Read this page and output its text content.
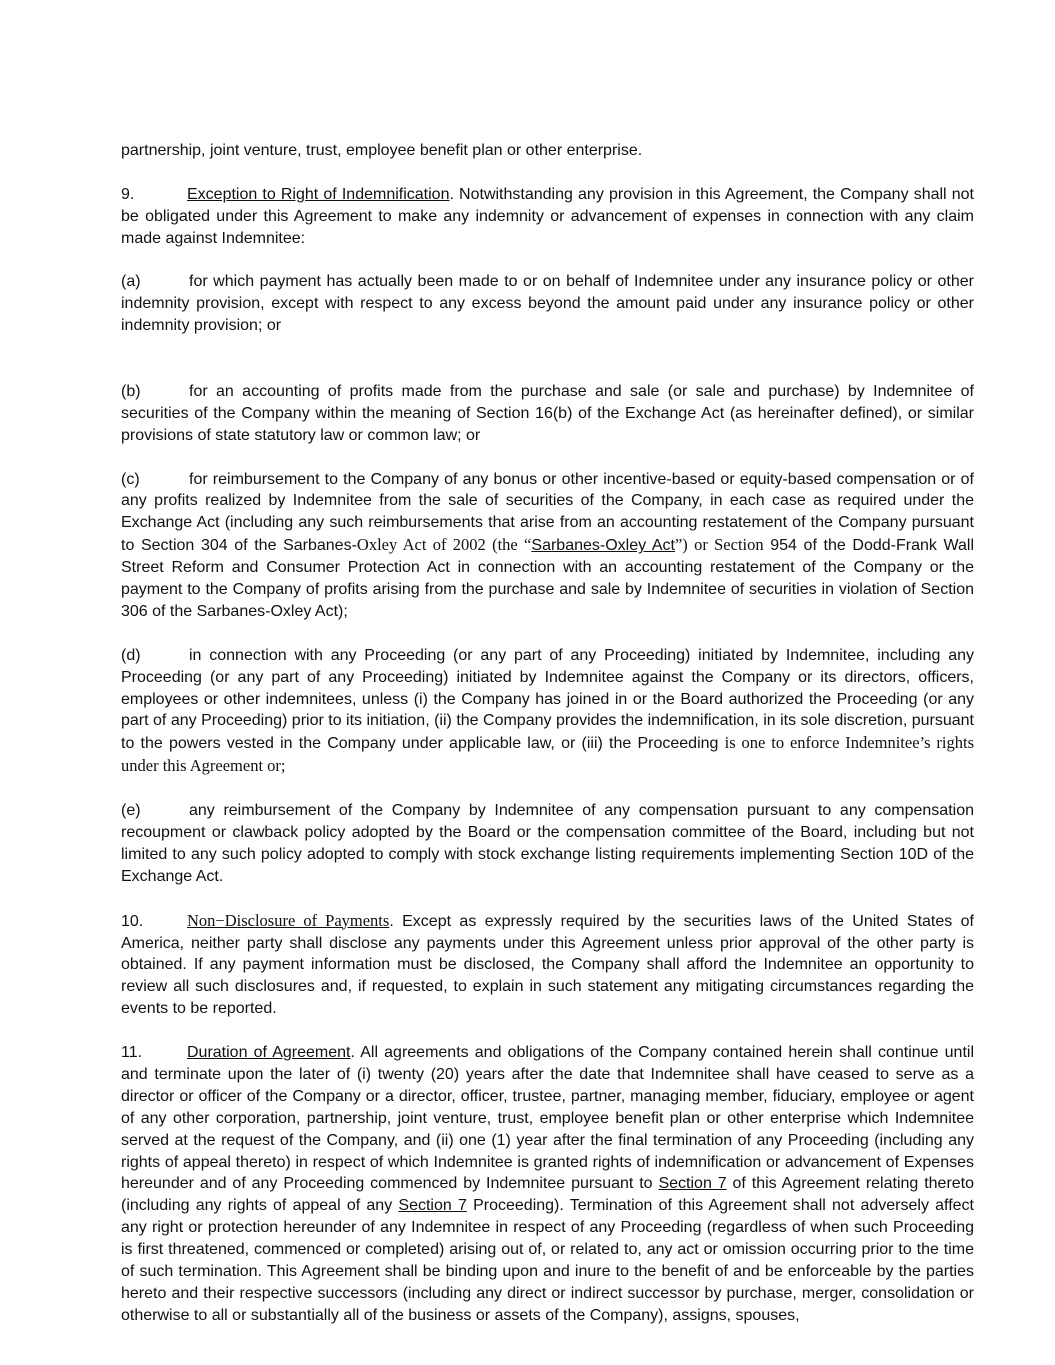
partnership, joint venture, trust, employee benefit plan or other enterprise.

9.	Exception to Right of Indemnification. Notwithstanding any provision in this Agreement, the Company shall not be obligated under this Agreement to make any indemnity or advancement of expenses in connection with any claim made against Indemnitee:

(a)	for which payment has actually been made to or on behalf of Indemnitee under any insurance policy or other indemnity provision, except with respect to any excess beyond the amount paid under any insurance policy or other indemnity provision; or

(b)	for an accounting of profits made from the purchase and sale (or sale and purchase) by Indemnitee of securities of the Company within the meaning of Section 16(b) of the Exchange Act (as hereinafter defined), or similar provisions of state statutory law or common law; or

(c)	for reimbursement to the Company of any bonus or other incentive-based or equity-based compensation or of any profits realized by Indemnitee from the sale of securities of the Company, in each case as required under the Exchange Act (including any such reimbursements that arise from an accounting restatement of the Company pursuant to Section 304 of the Sarbanes-Oxley Act of 2002 (the “Sarbanes-Oxley Act”) or Section 954 of the Dodd-Frank Wall Street Reform and Consumer Protection Act in connection with an accounting restatement of the Company or the payment to the Company of profits arising from the purchase and sale by Indemnitee of securities in violation of Section 306 of the Sarbanes-Oxley Act);

(d)	in connection with any Proceeding (or any part of any Proceeding) initiated by Indemnitee, including any Proceeding (or any part of any Proceeding) initiated by Indemnitee against the Company or its directors, officers, employees or other indemnitees, unless (i) the Company has joined in or the Board authorized the Proceeding (or any part of any Proceeding) prior to its initiation, (ii) the Company provides the indemnification, in its sole discretion, pursuant to the powers vested in the Company under applicable law, or (iii) the Proceeding is one to enforce Indemnitee’s rights under this Agreement or;

(e)	any reimbursement of the Company by Indemnitee of any compensation pursuant to any compensation recoupment or clawback policy adopted by the Board or the compensation committee of the Board, including but not limited to any such policy adopted to comply with stock exchange listing requirements implementing Section 10D of the Exchange Act.

10.	Non−Disclosure of Payments. Except as expressly required by the securities laws of the United States of America, neither party shall disclose any payments under this Agreement unless prior approval of the other party is obtained. If any payment information must be disclosed, the Company shall afford the Indemnitee an opportunity to review all such disclosures and, if requested, to explain in such statement any mitigating circumstances regarding the events to be reported.

11.	Duration of Agreement. All agreements and obligations of the Company contained herein shall continue until and terminate upon the later of (i) twenty (20) years after the date that Indemnitee shall have ceased to serve as a director or officer of the Company or a director, officer, trustee, partner, managing member, fiduciary, employee or agent of any other corporation, partnership, joint venture, trust, employee benefit plan or other enterprise which Indemnitee served at the request of the Company, and (ii) one (1) year after the final termination of any Proceeding (including any rights of appeal thereto) in respect of which Indemnitee is granted rights of indemnification or advancement of Expenses hereunder and of any Proceeding commenced by Indemnitee pursuant to Section 7 of this Agreement relating thereto (including any rights of appeal of any Section 7 Proceeding). Termination of this Agreement shall not adversely affect any right or protection hereunder of any Indemnitee in respect of any Proceeding (regardless of when such Proceeding is first threatened, commenced or completed) arising out of, or related to, any act or omission occurring prior to the time of such termination. This Agreement shall be binding upon and inure to the benefit of and be enforceable by the parties hereto and their respective successors (including any direct or indirect successor by purchase, merger, consolidation or otherwise to all or substantially all of the business or assets of the Company), assigns, spouses,
